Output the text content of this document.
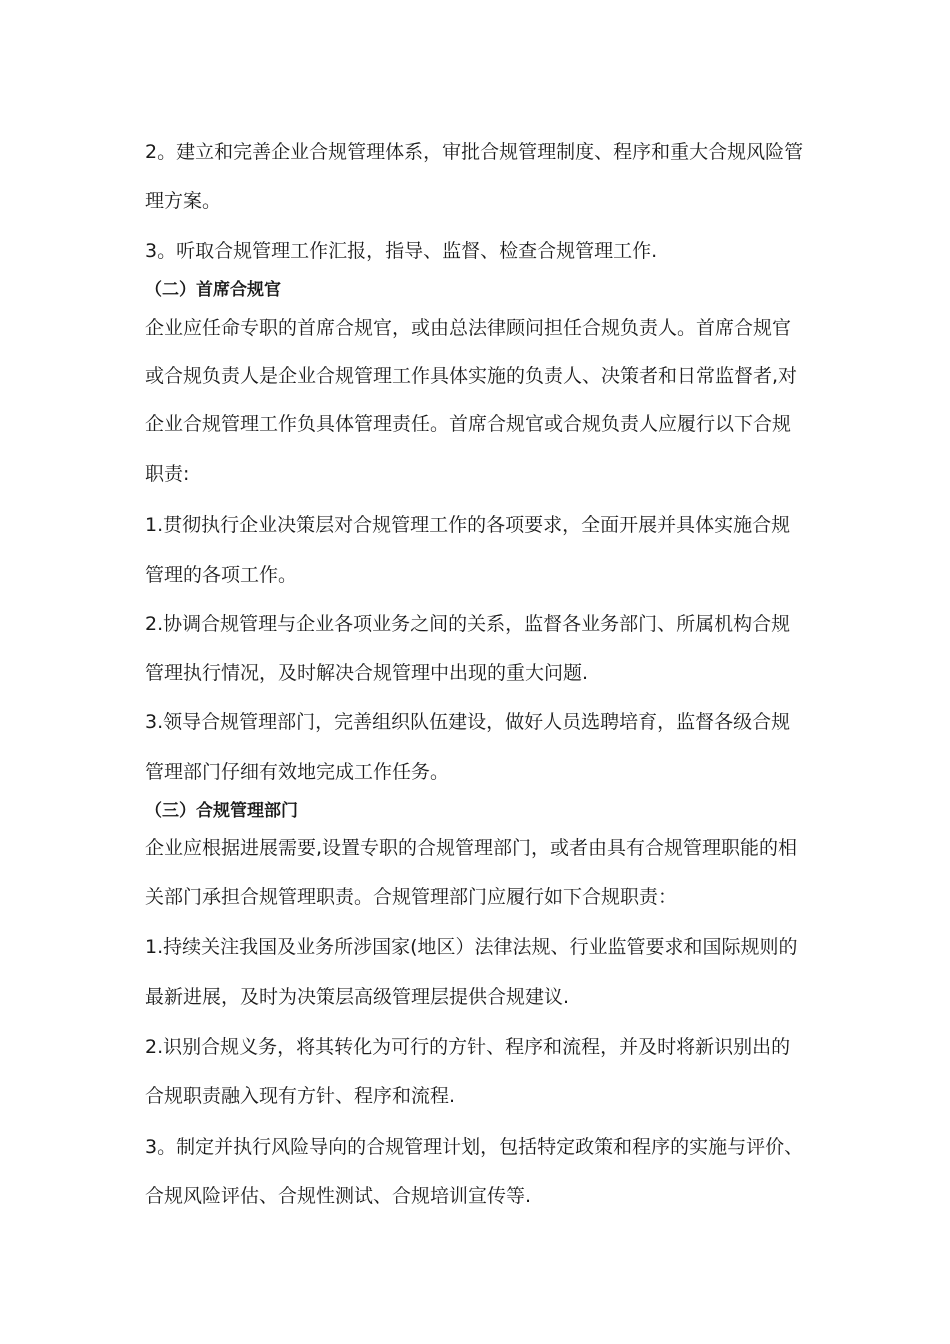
2。建立和完善企业合规管理体系，审批合规管理制度、程序和重大合规风险管
理方案。
3。听取合规管理工作汇报，指导、监督、检查合规管理工作.
（二）首席合规官
企业应任命专职的首席合规官，或由总法律顾问担任合规负责人。首席合规官
或合规负责人是企业合规管理工作具体实施的负责人、决策者和日常监督者,对
企业合规管理工作负具体管理责任。首席合规官或合规负责人应履行以下合规
职责:
1.贯彻执行企业决策层对合规管理工作的各项要求，全面开展并具体实施合规
管理的各项工作。
2.协调合规管理与企业各项业务之间的关系，监督各业务部门、所属机构合规
管理执行情况，及时解决合规管理中出现的重大问题.
3.领导合规管理部门，完善组织队伍建设，做好人员选聘培育，监督各级合规
管理部门仔细有效地完成工作任务。
（三）合规管理部门
企业应根据进展需要,设置专职的合规管理部门，或者由具有合规管理职能的相
关部门承担合规管理职责。合规管理部门应履行如下合规职责：
1.持续关注我国及业务所涉国家(地区）法律法规、行业监管要求和国际规则的
最新进展，及时为决策层高级管理层提供合规建议.
2.识别合规义务，将其转化为可行的方针、程序和流程，并及时将新识别出的
合规职责融入现有方针、程序和流程.
3。制定并执行风险导向的合规管理计划，包括特定政策和程序的实施与评价、
合规风险评估、合规性测试、合规培训宣传等.
